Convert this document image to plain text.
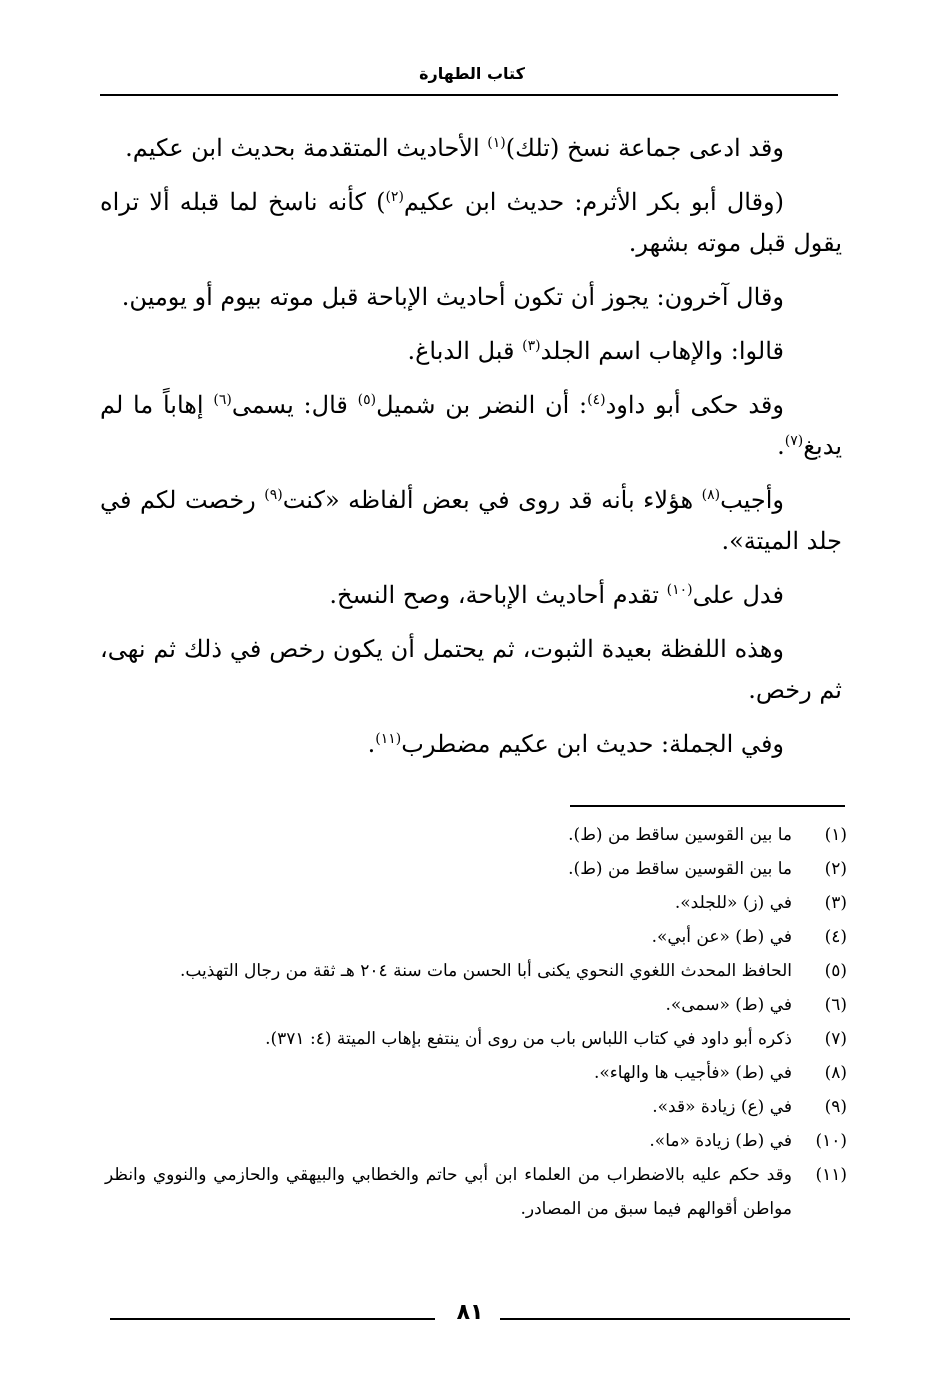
كتاب الطهارة

وقد ادعى جماعة نسخ (تلك)$^{(١)}$ الأحاديث المتقدمة بحديث ابن عكيم.

(وقال أبو بكر الأثرم: حديث ابن عكيم$^{(٢)}$) كأنه ناسخ لما قبله ألا تراه يقول قبل موته بشهر.

وقال آخرون: يجوز أن تكون أحاديث الإباحة قبل موته بيوم أو يومين.

قالوا: والإهاب اسم الجلد$^{(٣)}$ قبل الدباغ.

وقد حكى أبو داود$^{(٤)}$: أن النضر بن شميل$^{(٥)}$ قال: يسمى$^{(٦)}$ إهاباً ما لم يدبغ$^{(٧)}$.

وأجيب$^{(٨)}$ هؤلاء بأنه قد روى في بعض ألفاظه «كنت$^{(٩)}$ رخصت لكم في جلد الميتة».

فدل على$^{(١٠)}$ تقدم أحاديث الإباحة، وصح النسخ.

وهذه اللفظة بعيدة الثبوت، ثم يحتمل أن يكون رخص في ذلك ثم نهى، ثم رخص.

وفي الجملة: حديث ابن عكيم مضطرب$^{(١١)}$.

(١)
ما بين القوسين ساقط من (ط).
(٢)
ما بين القوسين ساقط من (ط).
(٣)
في (ز) «للجلد».
(٤)
في (ط) «عن أبي».
(٥)
الحافظ المحدث اللغوي النحوي يكنى أبا الحسن مات سنة ٢٠٤ هـ ثقة من رجال التهذيب.
(٦)
في (ط) «سمى».
(٧)
ذكره أبو داود في كتاب اللباس باب من روى أن ينتفع بإهاب الميتة (٤: ٣٧١).
(٨)
في (ط) «فأجيب ها والهاء».
(٩)
في (ع) زيادة «قد».
(١٠)
في (ط) زيادة «ما».
(١١)
وقد حكم عليه بالاضطراب من العلماء ابن أبي حاتم والخطابي والبيهقي والحازمي والنووي وانظر مواطن أقوالهم فيما سبق من المصادر.
٨١
